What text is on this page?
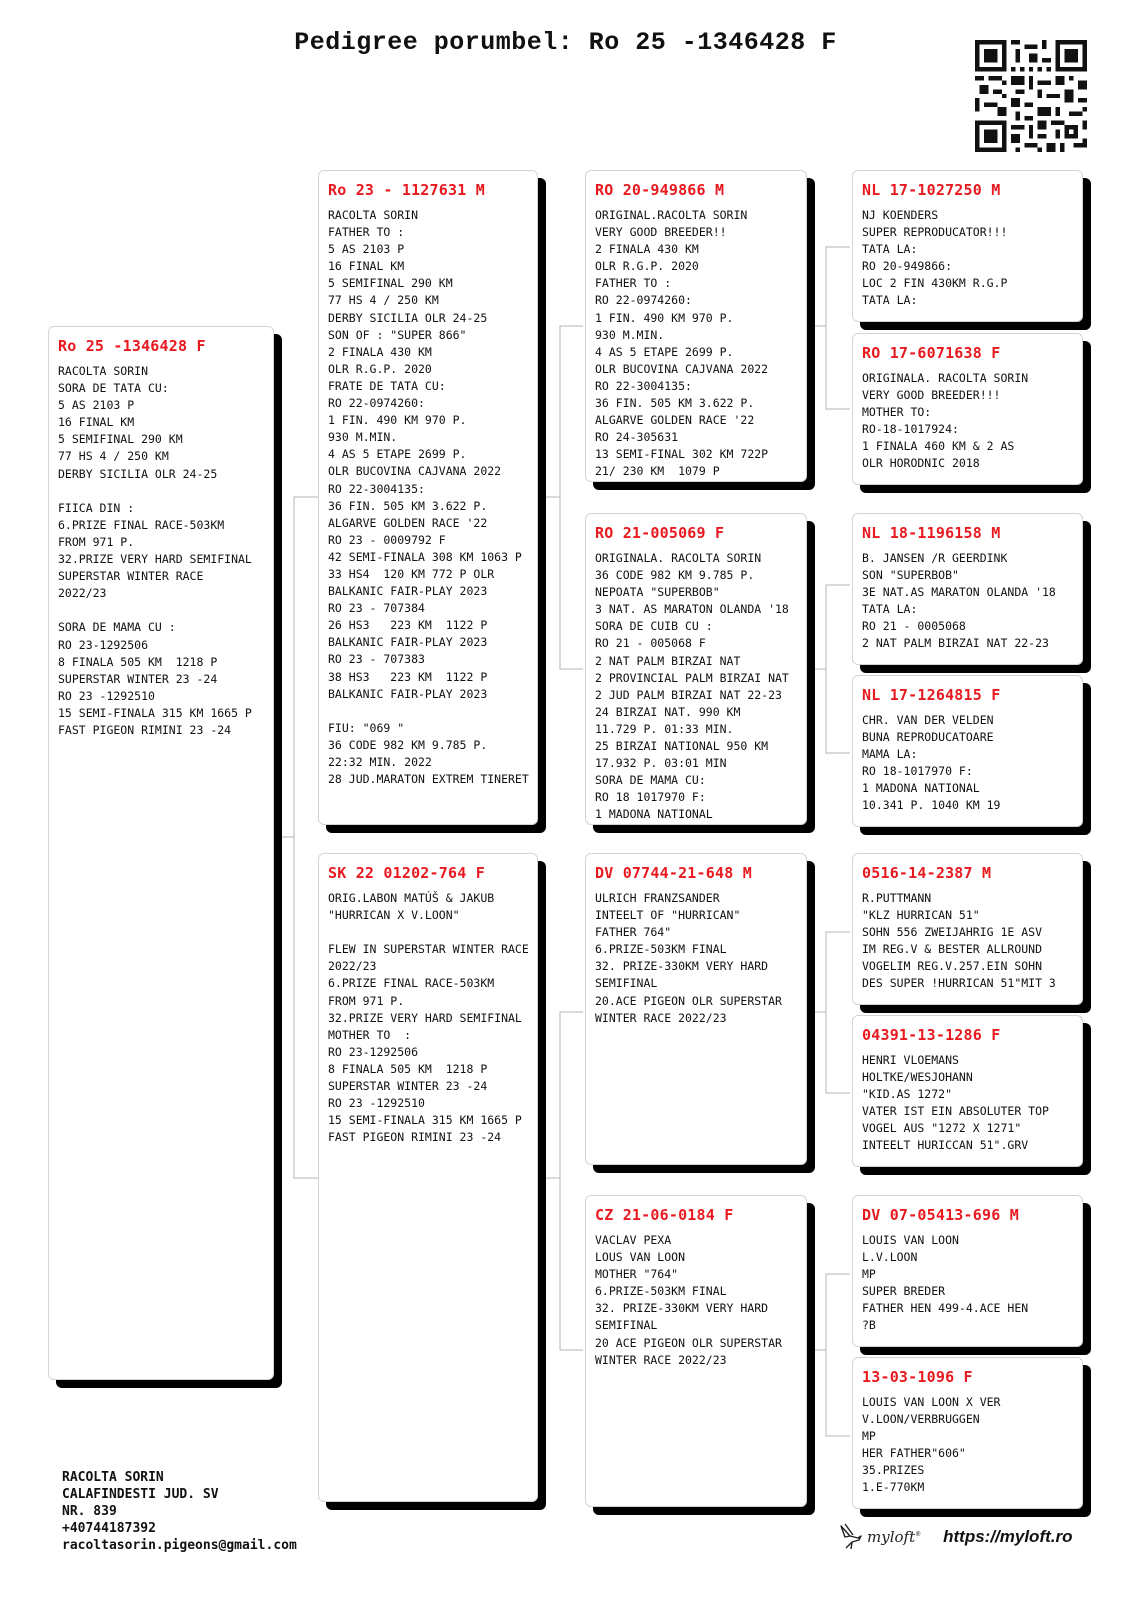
Pedigree porumbel: Ro 25 -1346428 F
Ro 25 -1346428 F
RACOLTA SORIN
SORA DE TATA CU:
5 AS 2103 P
16 FINAL KM
5 SEMIFINAL 290 KM
77 HS 4 / 250 KM
DERBY SICILIA OLR 24-25

FIICA DIN :
6.PRIZE FINAL RACE-503KM
FROM 971 P.
32.PRIZE VERY HARD SEMIFINAL
SUPERSTAR WINTER RACE
2022/23

SORA DE MAMA CU :
RO 23-1292506
8 FINALA 505 KM  1218 P
SUPERSTAR WINTER 23 -24
RO 23 -1292510
15 SEMI-FINALA 315 KM 1665 P
FAST PIGEON RIMINI 23 -24
Ro 23 - 1127631 M
RACOLTA SORIN
FATHER TO :
5 AS 2103 P
16 FINAL KM
5 SEMIFINAL 290 KM
77 HS 4 / 250 KM
DERBY SICILIA OLR 24-25
SON OF : "SUPER 866"
2 FINALA 430 KM
OLR R.G.P. 2020
FRATE DE TATA CU:
RO 22-0974260:
1 FIN. 490 KM 970 P.
930 M.MIN.
4 AS 5 ETAPE 2699 P.
OLR BUCOVINA CAJVANA 2022
RO 22-3004135:
36 FIN. 505 KM 3.622 P.
ALGARVE GOLDEN RACE '22
RO 23 - 0009792 F
42 SEMI-FINALA 308 KM 1063 P
33 HS4  120 KM 772 P OLR
BALKANIC FAIR-PLAY 2023
RO 23 - 707384
26 HS3   223 KM  1122 P
BALKANIC FAIR-PLAY 2023
RO 23 - 707383
38 HS3   223 KM  1122 P
BALKANIC FAIR-PLAY 2023

FIU: "069 "
36 CODE 982 KM 9.785 P.
22:32 MIN. 2022
28 JUD.MARATON EXTREM TINERET
SK 22 01202-764 F
ORIG.LABON MATÚŠ & JAKUB
"HURRICAN X V.LOON"

FLEW IN SUPERSTAR WINTER RACE
2022/23
6.PRIZE FINAL RACE-503KM
FROM 971 P.
32.PRIZE VERY HARD SEMIFINAL
MOTHER TO  :
RO 23-1292506
8 FINALA 505 KM  1218 P
SUPERSTAR WINTER 23 -24
RO 23 -1292510
15 SEMI-FINALA 315 KM 1665 P
FAST PIGEON RIMINI 23 -24
RO 20-949866 M
ORIGINAL.RACOLTA SORIN
VERY GOOD BREEDER!!
2 FINALA 430 KM
OLR R.G.P. 2020
FATHER TO :
RO 22-0974260:
1 FIN. 490 KM 970 P.
930 M.MIN.
4 AS 5 ETAPE 2699 P.
OLR BUCOVINA CAJVANA 2022
RO 22-3004135:
36 FIN. 505 KM 3.622 P.
ALGARVE GOLDEN RACE '22
RO 24-305631
13 SEMI-FINAL 302 KM 722P
21/ 230 KM  1079 P
RO 21-005069 F
ORIGINALA. RACOLTA SORIN
36 CODE 982 KM 9.785 P.
NEPOATA "SUPERBOB"
3 NAT. AS MARATON OLANDA '18
SORA DE CUIB CU :
RO 21 - 005068 F
2 NAT PALM BIRZAI NAT
2 PROVINCIAL PALM BIRZAI NAT
2 JUD PALM BIRZAI NAT 22-23
24 BIRZAI NAT. 990 KM
11.729 P. 01:33 MIN.
25 BIRZAI NATIONAL 950 KM
17.932 P. 03:01 MIN
SORA DE MAMA CU:
RO 18 1017970 F:
1 MADONA NATIONAL
DV 07744-21-648 M
ULRICH FRANZSANDER
INTEELT OF "HURRICAN"
FATHER 764"
6.PRIZE-503KM FINAL
32. PRIZE-330KM VERY HARD
SEMIFINAL
20.ACE PIGEON OLR SUPERSTAR
WINTER RACE 2022/23
CZ 21-06-0184 F
VACLAV PEXA
LOUS VAN LOON
MOTHER "764"
6.PRIZE-503KM FINAL
32. PRIZE-330KM VERY HARD
SEMIFINAL
20 ACE PIGEON OLR SUPERSTAR
WINTER RACE 2022/23
NL 17-1027250 M
NJ KOENDERS
SUPER REPRODUCATOR!!!
TATA LA:
RO 20-949866:
LOC 2 FIN 430KM R.G.P
TATA LA:
RO 17-6071638 F
ORIGINALA. RACOLTA SORIN
VERY GOOD BREEDER!!!
MOTHER TO:
RO-18-1017924:
1 FINALA 460 KM & 2 AS
OLR HORODNIC 2018
NL 18-1196158 M
B. JANSEN /R GEERDINK
SON "SUPERBOB"
3E NAT.AS MARATON OLANDA '18
TATA LA:
RO 21 - 0005068
2 NAT PALM BIRZAI NAT 22-23
NL 17-1264815 F
CHR. VAN DER VELDEN
BUNA REPRODUCATOARE
MAMA LA:
RO 18-1017970 F:
1 MADONA NATIONAL
10.341 P. 1040 KM 19
0516-14-2387 M
R.PUTTMANN
"KLZ HURRICAN 51"
SOHN 556 ZWEIJAHRIG 1E ASV
IM REG.V & BESTER ALLROUND
VOGELIM REG.V.257.EIN SOHN
DES SUPER !HURRICAN 51"MIT 3
04391-13-1286 F
HENRI VLOEMANS
HOLTKE/WESJOHANN
"KID.AS 1272"
VATER IST EIN ABSOLUTER TOP
VOGEL AUS "1272 X 1271"
INTEELT HURICCAN 51".GRV
DV 07-05413-696 M
LOUIS VAN LOON
L.V.LOON
MP
SUPER BREDER
FATHER HEN 499-4.ACE HEN
?B
13-03-1096 F
LOUIS VAN LOON X VER
V.LOON/VERBRUGGEN
MP
HER FATHER"606"
35.PRIZES
1.E-770KM
RACOLTA SORIN
CALAFINDESTI JUD. SV
NR. 839
+40744187392
racoltasorin.pigeons@gmail.com	myloft® https://myloft.ro
